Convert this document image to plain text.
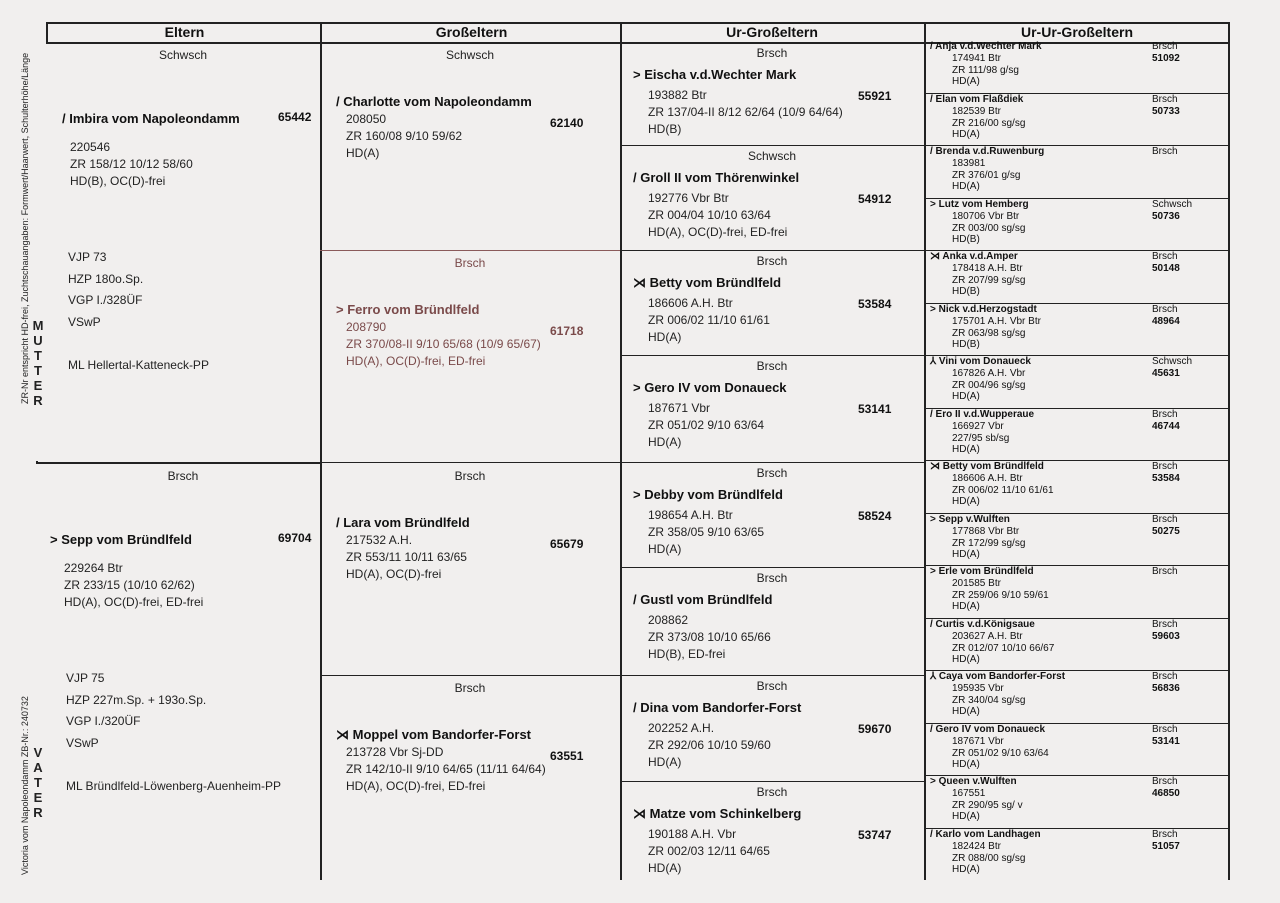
ZR-Nr entspricht HD-frei, Zuchtschauangaben: Formwert/Haarwert, Schulterhöhe/Länge
Victoria vom Napoleondamm ZB-Nr.: 240732
M
U
T
T
E
R
V
A
T
E
R
Eltern	Großeltern	Ur-Großeltern	Ur-Ur-Großeltern
Schwsch
/ Imbira vom Napoleondamm	65442
220546
ZR 158/12 10/12 58/60
HD(B), OC(D)-frei
VJP 73
HZP 180o.Sp.
VGP I./328ÜF
VSwP
ML Hellertal-Katteneck-PP
Brsch
> Sepp vom Bründlfeld	69704
229264 Btr
ZR 233/15 (10/10 62/62)
HD(A), OC(D)-frei, ED-frei
VJP 75
HZP 227m.Sp. + 193o.Sp.
VGP I./320ÜF
VSwP
ML Bründlfeld-Löwenberg-Auenheim-PP
Schwsch
/ Charlotte vom Napoleondamm
62140
208050
ZR 160/08 9/10 59/62
HD(A)
Brsch
> Ferro vom Bründlfeld
61718
208790
ZR 370/08-II 9/10 65/68 (10/9 65/67)
HD(A), OC(D)-frei, ED-frei
Brsch
/ Lara vom Bründlfeld
65679
217532 A.H.
ZR 553/11 10/11 63/65
HD(A), OC(D)-frei
Brsch
⋊ Moppel vom Bandorfer-Forst
63551
213728 Vbr Sj-DD
ZR 142/10-II 9/10 64/65 (11/11 64/64)
HD(A), OC(D)-frei, ED-frei
Brsch
> Eischa v.d.Wechter Mark
55921
193882 Btr
ZR 137/04-II 8/12 62/64 (10/9 64/64)
HD(B)
Schwsch
/ Groll II vom Thörenwinkel
54912
192776 Vbr Btr
ZR 004/04 10/10 63/64
HD(A), OC(D)-frei, ED-frei
Brsch
⋊ Betty vom Bründlfeld
53584
186606 A.H. Btr
ZR 006/02 11/10 61/61
HD(A)
Brsch
> Gero IV vom Donaueck
53141
187671 Vbr
ZR 051/02 9/10 63/64
HD(A)
Brsch
> Debby vom Bründlfeld
58524
198654 A.H. Btr
ZR 358/05 9/10 63/65
HD(A)
Brsch
/ Gustl vom Bründlfeld
208862
ZR 373/08 10/10 65/66
HD(B), ED-frei
Brsch
/ Dina vom Bandorfer-Forst
59670
202252 A.H.
ZR 292/06 10/10 59/60
HD(A)
Brsch
⋊ Matze vom Schinkelberg
53747
190188 A.H. Vbr
ZR 002/03 12/11 64/65
HD(A)
/ Anja v.d.Wechter Mark	Brsch
51092
174941 Btr
ZR 111/98 g/sg
HD(A)
/ Elan vom Flaßdiek	Brsch
50733
182539 Btr
ZR 216/00 sg/sg
HD(A)
/ Brenda v.d.Ruwenburg	Brsch
183981
ZR 376/01 g/sg
HD(A)
> Lutz vom Hemberg	Schwsch
50736
180706 Vbr Btr
ZR 003/00 sg/sg
HD(B)
⋊ Anka v.d.Amper	Brsch
50148
178418 A.H. Btr
ZR 207/99 sg/sg
HD(B)
> Nick v.d.Herzogstadt	Brsch
48964
175701 A.H. Vbr Btr
ZR 063/98 sg/sg
HD(B)
⅄ Vini vom Donaueck	Schwsch
45631
167826 A.H. Vbr
ZR 004/96 sg/sg
HD(A)
/ Ero II v.d.Wupperaue	Brsch
46744
166927 Vbr
227/95 sb/sg
HD(A)
⋊ Betty vom Bründlfeld	Brsch
53584
186606 A.H. Btr
ZR 006/02 11/10 61/61
HD(A)
> Sepp v.Wulften	Brsch
50275
177868 Vbr Btr
ZR 172/99 sg/sg
HD(A)
> Erle vom Bründlfeld	Brsch
201585 Btr
ZR 259/06 9/10 59/61
HD(A)
/ Curtis v.d.Königsaue	Brsch
59603
203627 A.H. Btr
ZR 012/07 10/10 66/67
HD(A)
⅄ Caya vom Bandorfer-Forst	Brsch
56836
195935 Vbr
ZR 340/04 sg/sg
HD(A)
/ Gero IV vom Donaueck	Brsch
53141
187671 Vbr
ZR 051/02 9/10 63/64
HD(A)
> Queen v.Wulften	Brsch
46850
167551
ZR 290/95 sg/ v
HD(A)
/ Karlo vom Landhagen	Brsch
51057
182424 Btr
ZR 088/00 sg/sg
HD(A)
